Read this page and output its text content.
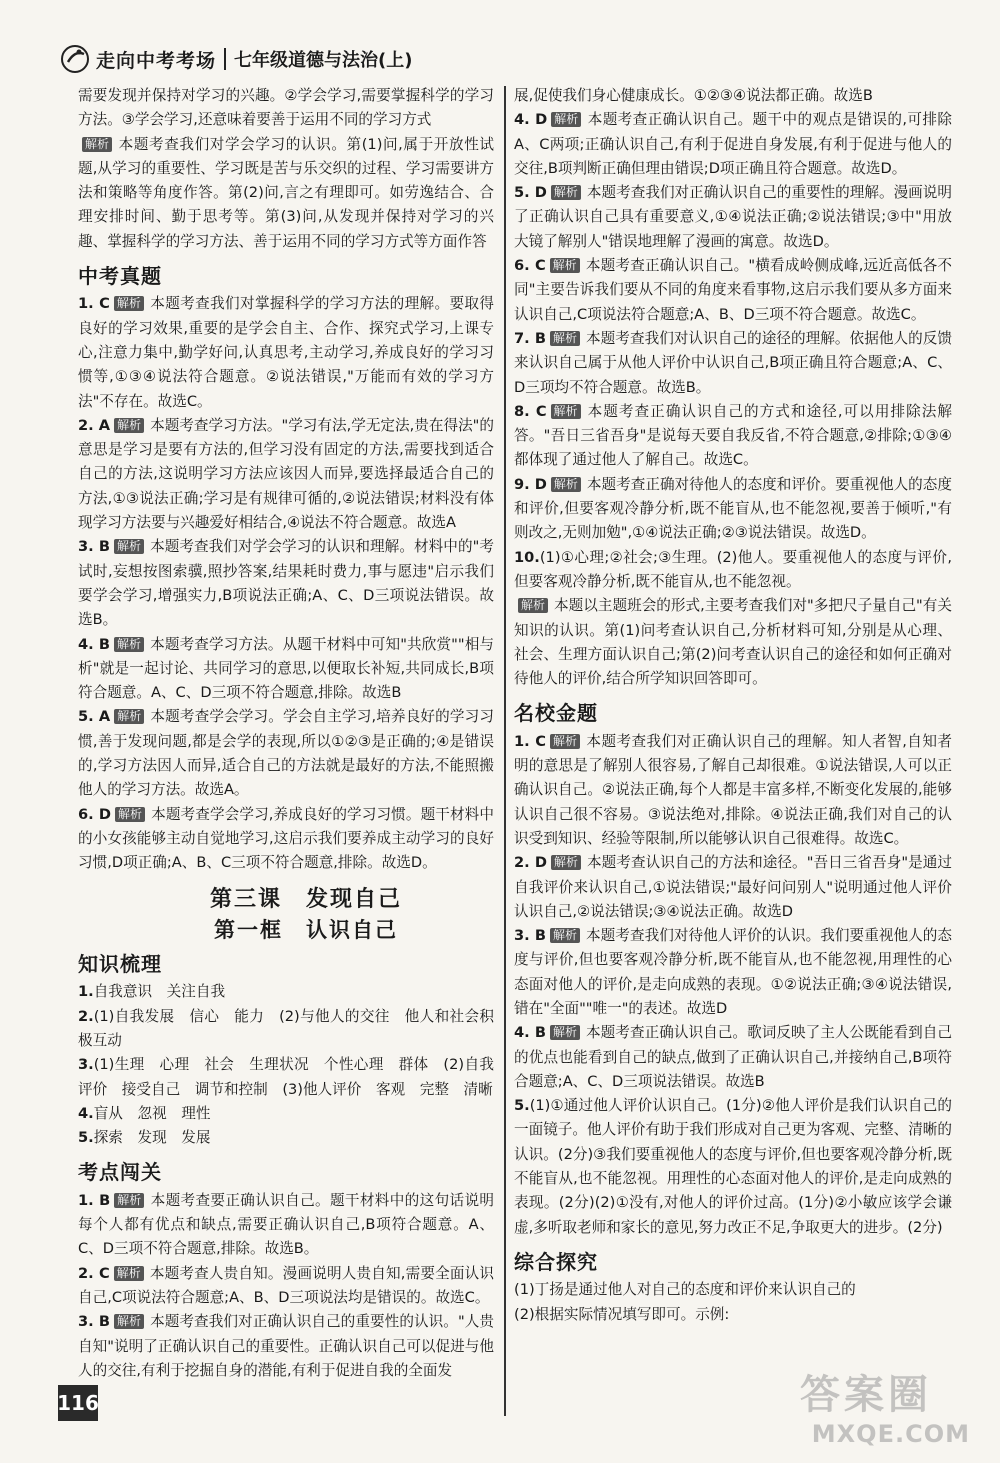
走向中考考场 七年级道德与法治(上)

需要发现并保持对学习的兴趣。②学会学习,需要掌握科学的学习方法。③学会学习,还意味着要善于运用不同的学习方式

解析 本题考查我们对学会学习的认识。第(1)问,属于开放性试题,从学习的重要性、学习既是苦与乐交织的过程、学习需要讲方法和策略等角度作答。第(2)问,言之有理即可。如劳逸结合、合理安排时间、勤于思考等。第(3)问,从发现并保持对学习的兴趣、掌握科学的学习方法、善于运用不同的学习方式等方面作答

中考真题

1. C 解析 本题考查我们对掌握科学的学习方法的理解。要取得良好的学习效果,重要的是学会自主、合作、探究式学习,上课专心,注意力集中,勤学好问,认真思考,主动学习,养成良好的学习习惯等,①③④说法符合题意。②说法错误,"万能而有效的学习方法"不存在。故选C。

2. A 解析 本题考查学习方法。"学习有法,学无定法,贵在得法"的意思是学习是要有方法的,但学习没有固定的方法,需要找到适合自己的方法,这说明学习方法应该因人而异,要选择最适合自己的方法,①③说法正确;学习是有规律可循的,②说法错误;材料没有体现学习方法要与兴趣爱好相结合,④说法不符合题意。故选A

3. B 解析 本题考查我们对学会学习的认识和理解。材料中的"考试时,妄想按图索骥,照抄答案,结果耗时费力,事与愿违"启示我们要学会学习,增强实力,B项说法正确;A、C、D三项说法错误。故选B。

4. B 解析 本题考查学习方法。从题干材料中可知"共欣赏""相与析"就是一起讨论、共同学习的意思,以便取长补短,共同成长,B项符合题意。A、C、D三项不符合题意,排除。故选B

5. A 解析 本题考查学会学习。学会自主学习,培养良好的学习习惯,善于发现问题,都是会学的表现,所以①②③是正确的;④是错误的,学习方法因人而异,适合自己的方法就是最好的方法,不能照搬他人的学习方法。故选A。

6. D 解析 本题考查学会学习,养成良好的学习习惯。题干材料中的小女孩能够主动自觉地学习,这启示我们要养成主动学习的良好习惯,D项正确;A、B、C三项不符合题意,排除。故选D。

第三课　发现自己
第一框　认识自己
知识梳理

1.自我意识　关注自我

2.(1)自我发展　信心　能力　(2)与他人的交往　他人和社会积极互动

3.(1)生理　心理　社会　生理状况　个性心理　群体　(2)自我评价　接受自己　调节和控制　(3)他人评价　客观　完整　清晰

4.盲从　忽视　理性

5.探索　发现　发展

考点闯关

1. B 解析 本题考查要正确认识自己。题干材料中的这句话说明每个人都有优点和缺点,需要正确认识自己,B项符合题意。A、C、D三项不符合题意,排除。故选B。

2. C 解析 本题考查人贵自知。漫画说明人贵自知,需要全面认识自己,C项说法符合题意;A、B、D三项说法均是错误的。故选C。

3. B 解析 本题考查我们对正确认识自己的重要性的认识。"人贵自知"说明了正确认识自己的重要性。正确认识自己可以促进与他人的交往,有利于挖掘自身的潜能,有利于促进自我的全面发

展,促使我们身心健康成长。①②③④说法都正确。故选B

4. D 解析 本题考查正确认识自己。题干中的观点是错误的,可排除A、C两项;正确认识自己,有利于促进自身发展,有利于促进与他人的交往,B项判断正确但理由错误;D项正确且符合题意。故选D。

5. D 解析 本题考查我们对正确认识自己的重要性的理解。漫画说明了正确认识自己具有重要意义,①④说法正确;②说法错误;③中"用放大镜了解别人"错误地理解了漫画的寓意。故选D。

6. C 解析 本题考查正确认识自己。"横看成岭侧成峰,远近高低各不同"主要告诉我们要从不同的角度来看事物,这启示我们要从多方面来认识自己,C项说法符合题意;A、B、D三项不符合题意。故选C。

7. B 解析 本题考查我们对认识自己的途径的理解。依据他人的反馈来认识自己属于从他人评价中认识自己,B项正确且符合题意;A、C、D三项均不符合题意。故选B。

8. C 解析 本题考查正确认识自己的方式和途径,可以用排除法解答。"吾日三省吾身"是说每天要自我反省,不符合题意,②排除;①③④都体现了通过他人了解自己。故选C。

9. D 解析 本题考查正确对待他人的态度和评价。要重视他人的态度和评价,但要客观冷静分析,既不能盲从,也不能忽视,要善于倾听,"有则改之,无则加勉",①④说法正确;②③说法错误。故选D。

10.(1)①心理;②社会;③生理。(2)他人。要重视他人的态度与评价,但要客观冷静分析,既不能盲从,也不能忽视。

解析 本题以主题班会的形式,主要考查我们对"多把尺子量自己"有关知识的认识。第(1)问考查认识自己,分析材料可知,分别是从心理、社会、生理方面认识自己;第(2)问考查认识自己的途径和如何正确对待他人的评价,结合所学知识回答即可。

名校金题

1. C 解析 本题考查我们对正确认识自己的理解。知人者智,自知者明的意思是了解别人很容易,了解自己却很难。①说法错误,人可以正确认识自己。②说法正确,每个人都是丰富多样,不断变化发展的,能够认识自己很不容易。③说法绝对,排除。④说法正确,我们对自己的认识受到知识、经验等限制,所以能够认识自己很难得。故选C。

2. D 解析 本题考查认识自己的方法和途径。"吾日三省吾身"是通过自我评价来认识自己,①说法错误;"最好问问别人"说明通过他人评价认识自己,②说法错误;③④说法正确。故选D

3. B 解析 本题考查我们对待他人评价的认识。我们要重视他人的态度与评价,但也要客观冷静分析,既不能盲从,也不能忽视,用理性的心态面对他人的评价,是走向成熟的表现。①②说法正确;③④说法错误,错在"全面""唯一"的表述。故选D

4. B 解析 本题考查正确认识自己。歌词反映了主人公既能看到自己的优点也能看到自己的缺点,做到了正确认识自己,并接纳自己,B项符合题意;A、C、D三项说法错误。故选B

5.(1)①通过他人评价认识自己。(1分)②他人评价是我们认识自己的一面镜子。他人评价有助于我们形成对自己更为客观、完整、清晰的认识。(2分)③我们要重视他人的态度与评价,但也要客观冷静分析,既不能盲从,也不能忽视。用理性的心态面对他人的评价,是走向成熟的表现。(2分)(2)①没有,对他人的评价过高。(1分)②小敏应该学会谦虚,多听取老师和家长的意见,努力改正不足,争取更大的进步。(2分)

综合探究

(1)丁扬是通过他人对自己的态度和评价来认识自己的

(2)根据实际情况填写即可。示例:

116	答案圈
MXQE.COM
